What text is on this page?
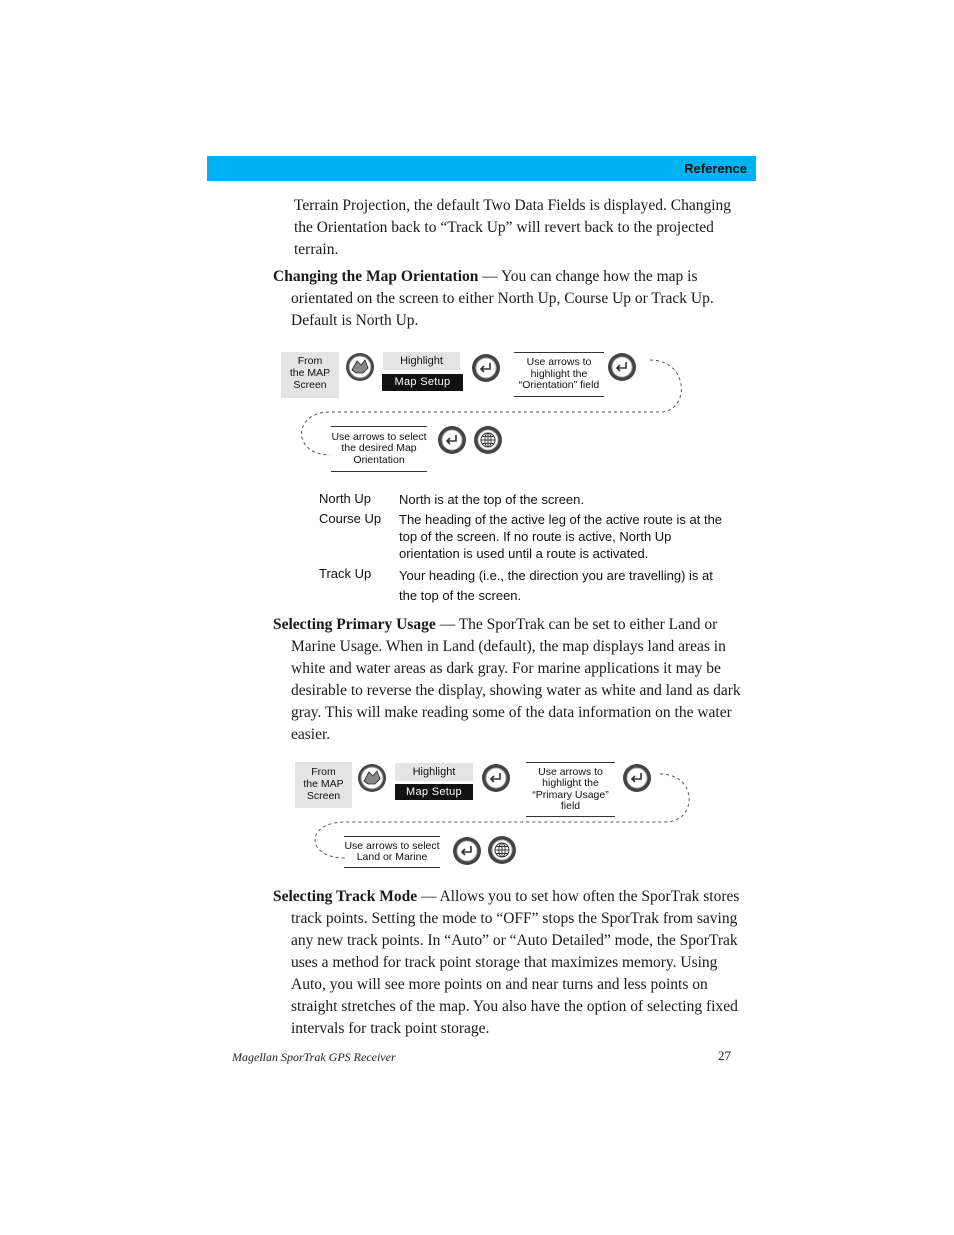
Reference
Terrain Projection, the default Two Data Fields is displayed. Changing
the Orientation back to “Track Up” will revert back to the projected
terrain.
Changing the Map Orientation — You can change how the map is
orientated on the screen to either North Up, Course Up or Track Up.
Default is North Up.
From
the MAP
Screen
Highlight
Map Setup
Use arrows to
highlight the
“Orientation” field
Use arrows to select
the desired Map
Orientation
North Up North is at the top of the screen.
Course Up The heading of the active leg of the active route is at the
top of the screen. If no route is active, North Up
orientation is used until a route is activated.
Track Up Your heading (i.e., the direction you are travelling) is at
the top of the screen.
Selecting Primary Usage — The SporTrak can be set to either Land or
Marine Usage. When in Land (default), the map displays land areas in
white and water areas as dark gray. For marine applications it may be
desirable to reverse the display, showing water as white and land as dark
gray. This will make reading some of the data information on the water
easier.
From
the MAP
Screen
Highlight
Map Setup
Use arrows to
highlight the
“Primary Usage”
field
Use arrows to select
Land or Marine
Selecting Track Mode — Allows you to set how often the SporTrak stores
track points. Setting the mode to “OFF” stops the SporTrak from saving
any new track points. In “Auto” or “Auto Detailed” mode, the SporTrak
uses a method for track point storage that maximizes memory. Using
Auto, you will see more points on and near turns and less points on
straight stretches of the map. You also have the option of selecting fixed
intervals for track point storage.
Magellan SporTrak GPS Receiver	27
